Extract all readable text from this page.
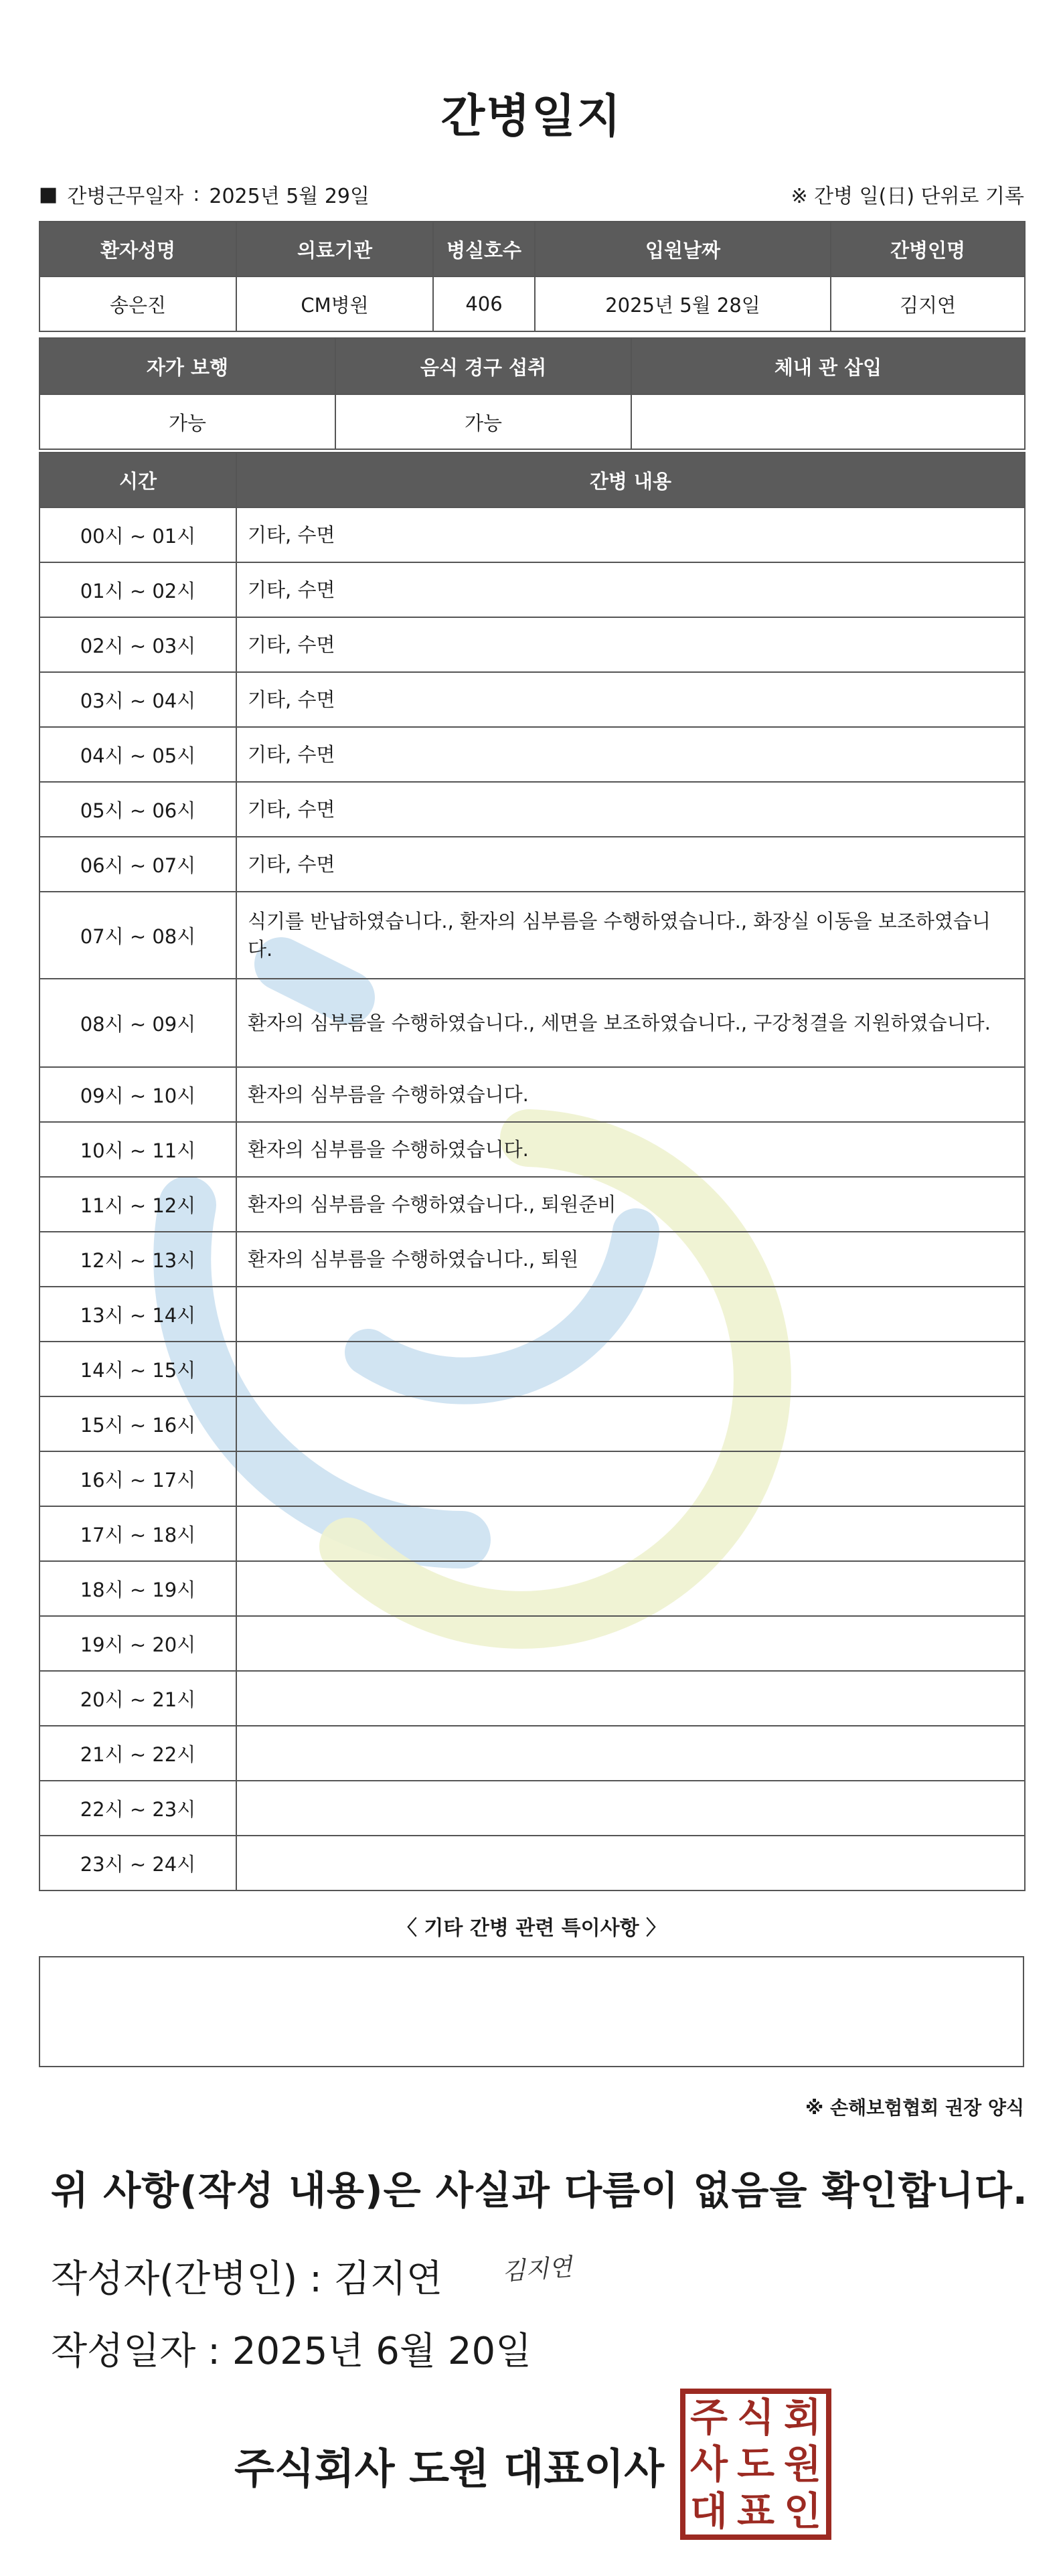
간병일지
■ 간병근무일자 : 2025년 5월 29일	※ 간병 일(日) 단위로 기록
환자성명	의료기관	병실호수	입원날짜	간병인명
송은진	CM병원	406	2025년 5월 28일	김지연
자가 보행	음식 경구 섭취	체내 관 삽입
가능	가능	
시간	간병 내용
00시 ~ 01시	기타, 수면
01시 ~ 02시	기타, 수면
02시 ~ 03시	기타, 수면
03시 ~ 04시	기타, 수면
04시 ~ 05시	기타, 수면
05시 ~ 06시	기타, 수면
06시 ~ 07시	기타, 수면
07시 ~ 08시	식기를 반납하였습니다., 환자의 심부름을 수행하였습니다., 화장실 이동을 보조하였습니다.
08시 ~ 09시	환자의 심부름을 수행하였습니다., 세면을 보조하였습니다., 구강청결을 지원하였습니다.
09시 ~ 10시	환자의 심부름을 수행하였습니다.
10시 ~ 11시	환자의 심부름을 수행하였습니다.
11시 ~ 12시	환자의 심부름을 수행하였습니다., 퇴원준비
12시 ~ 13시	환자의 심부름을 수행하였습니다., 퇴원
13시 ~ 14시	
14시 ~ 15시	
15시 ~ 16시	
16시 ~ 17시	
17시 ~ 18시	
18시 ~ 19시	
19시 ~ 20시	
20시 ~ 21시	
21시 ~ 22시	
22시 ~ 23시	
23시 ~ 24시	
〈 기타 간병 관련 특이사항 〉
※ 손해보험협회 권장 양식
위 사항(작성 내용)은 사실과 다름이 없음을 확인합니다.
작성자(간병인) : 김지연 김지연
작성일자 : 2025년 6월 20일
주식회사 도원 대표이사
주 식 회
사 도 원
대 표 인
